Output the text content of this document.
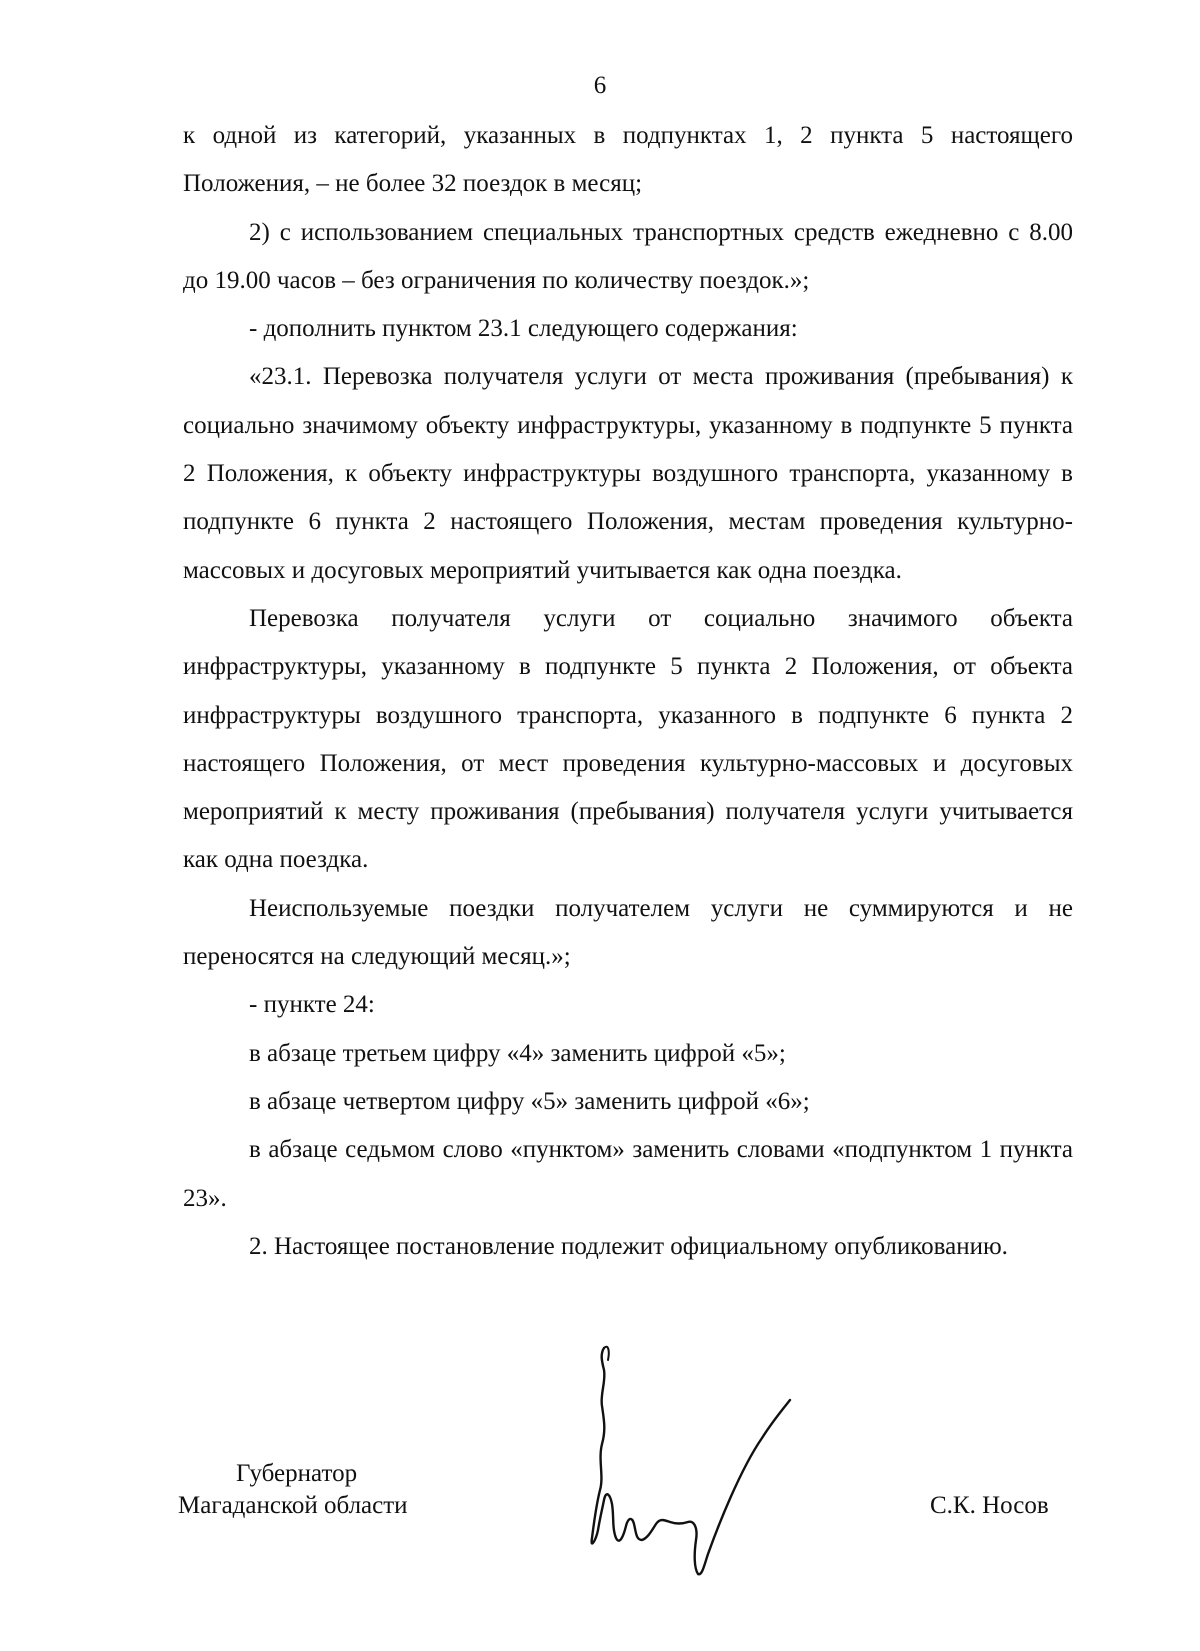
6

к одной из категорий, указанных в подпунктах 1, 2 пункта 5 настоящего Положения, – не более 32 поездок в месяц;

2) с использованием специальных транспортных средств ежедневно с 8.00 до 19.00 часов – без ограничения по количеству поездок.»;

- дополнить пунктом 23.1 следующего содержания:

«23.1. Перевозка получателя услуги от места проживания (пребывания) к социально значимому объекту инфраструктуры, указанному в подпункте 5 пункта 2 Положения, к объекту инфраструктуры воздушного транспорта, указанному в подпункте 6 пункта 2 настоящего Положения, местам проведения культурно-массовых и досуговых мероприятий учитывается как одна поездка.

Перевозка получателя услуги от социально значимого объекта инфраструктуры, указанному в подпункте 5 пункта 2 Положения, от объекта инфраструктуры воздушного транспорта, указанного в подпункте 6 пункта 2 настоящего Положения, от мест проведения культурно-массовых и досуговых мероприятий к месту проживания (пребывания) получателя услуги учитывается как одна поездка.

Неиспользуемые поездки получателем услуги не суммируются и не переносятся на следующий месяц.»;

- пункте 24:

в абзаце третьем цифру «4» заменить цифрой «5»;

в абзаце четвертом цифру «5» заменить цифрой «6»;

в абзаце седьмом слово «пунктом» заменить словами «подпунктом 1 пункта 23».

2. Настоящее постановление подлежит официальному опубликованию.

Губернатор
Магаданской области	С.К. Носов
